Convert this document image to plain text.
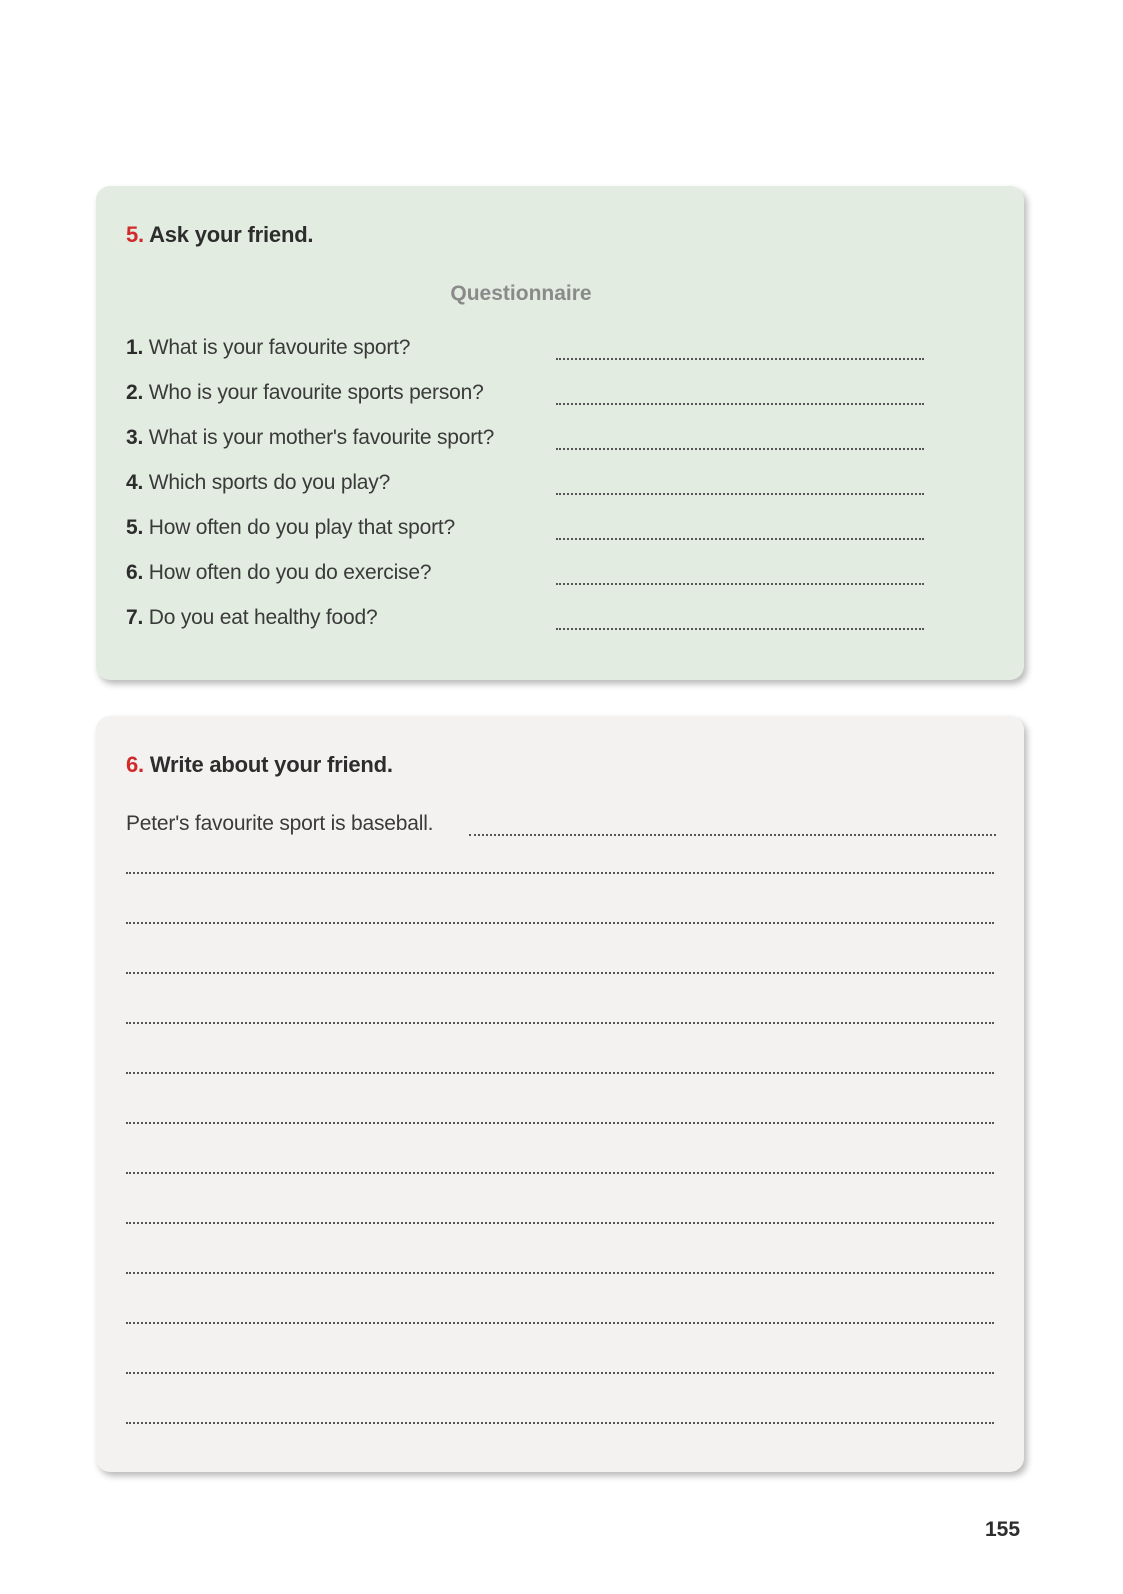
5. Ask your friend.
Questionnaire
1. What is your favourite sport?
2. Who is your favourite sports person?
3. What is your mother's favourite sport?
4. Which sports do you play?
5. How often do you play that sport?
6. How often do you do exercise?
7. Do you eat healthy food?
6. Write about your friend.
Peter's favourite sport is baseball.
155
